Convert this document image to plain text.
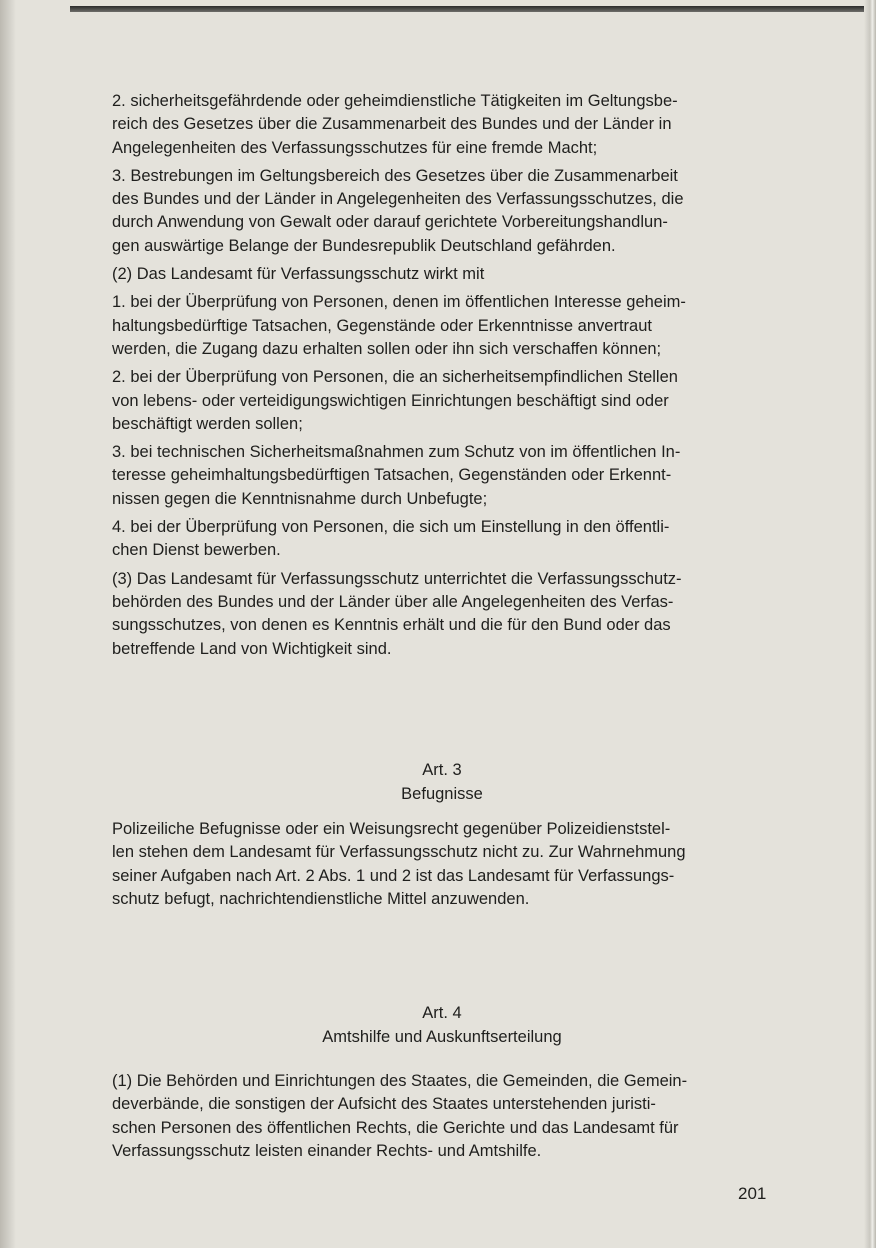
2. sicherheitsgefährdende oder geheimdienstliche Tätigkeiten im Geltungsbe-
reich des Gesetzes über die Zusammenarbeit des Bundes und der Länder in
Angelegenheiten des Verfassungsschutzes für eine fremde Macht;

3. Bestrebungen im Geltungsbereich des Gesetzes über die Zusammenarbeit
des Bundes und der Länder in Angelegenheiten des Verfassungsschutzes, die
durch Anwendung von Gewalt oder darauf gerichtete Vorbereitungshandlun-
gen auswärtige Belange der Bundesrepublik Deutschland gefährden.

(2) Das Landesamt für Verfassungsschutz wirkt mit

1. bei der Überprüfung von Personen, denen im öffentlichen Interesse geheim-
haltungsbedürftige Tatsachen, Gegenstände oder Erkenntnisse anvertraut
werden, die Zugang dazu erhalten sollen oder ihn sich verschaffen können;

2. bei der Überprüfung von Personen, die an sicherheitsempfindlichen Stellen
von lebens- oder verteidigungswichtigen Einrichtungen beschäftigt sind oder
beschäftigt werden sollen;

3. bei technischen Sicherheitsmaßnahmen zum Schutz von im öffentlichen In-
teresse geheimhaltungsbedürftigen Tatsachen, Gegenständen oder Erkennt-
nissen gegen die Kenntnisnahme durch Unbefugte;

4. bei der Überprüfung von Personen, die sich um Einstellung in den öffentli-
chen Dienst bewerben.

(3) Das Landesamt für Verfassungsschutz unterrichtet die Verfassungsschutz-
behörden des Bundes und der Länder über alle Angelegenheiten des Verfas-
sungsschutzes, von denen es Kenntnis erhält und die für den Bund oder das
betreffende Land von Wichtigkeit sind.

Art. 3
Befugnisse

Polizeiliche Befugnisse oder ein Weisungsrecht gegenüber Polizeidienststel-
len stehen dem Landesamt für Verfassungsschutz nicht zu. Zur Wahrnehmung
seiner Aufgaben nach Art. 2 Abs. 1 und 2 ist das Landesamt für Verfassungs-
schutz befugt, nachrichtendienstliche Mittel anzuwenden.

Art. 4
Amtshilfe und Auskunftserteilung

(1) Die Behörden und Einrichtungen des Staates, die Gemeinden, die Gemein-
deverbände, die sonstigen der Aufsicht des Staates unterstehenden juristi-
schen Personen des öffentlichen Rechts, die Gerichte und das Landesamt für
Verfassungsschutz leisten einander Rechts- und Amtshilfe.

201
